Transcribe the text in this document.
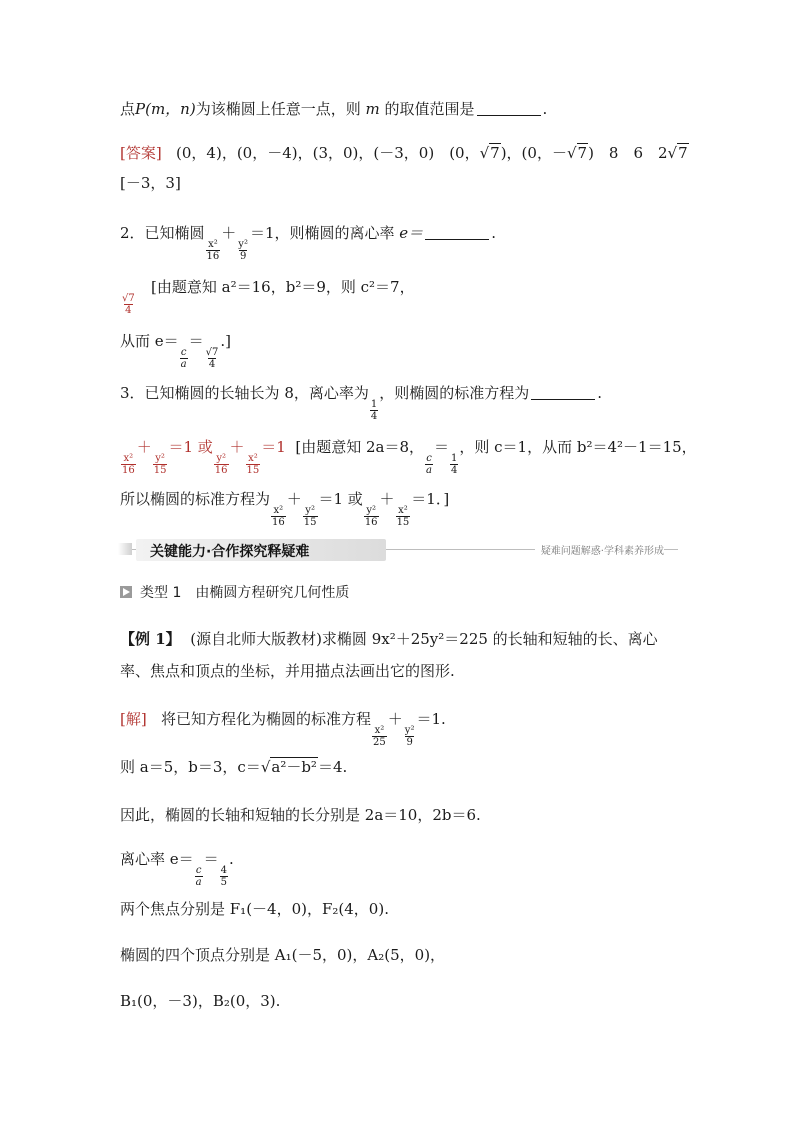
点P(m，n)为该椭圆上任意一点，则 m 的取值范围是	.
[答案] (0，4)，(0，－4)，(3，0)，(－3，0)　(0，√7)，(0，－√7)　8　6　2√7
[－3，3]
2．已知椭圆
$\frac{\text{x²}}{16}$
＋
$\frac{\text{y²}}{9}$
＝1，则椭圆的离心率 e＝	.
$\frac{√7}{4}$
[由题意知 a²＝16，b²＝9，则 c²＝7，
从而 e＝
$\frac{c}{a}$
＝
$\frac{√7}{4}$
.]
3．已知椭圆的长轴长为 8，离心率为
$\frac{1}{4}$
，则椭圆的标准方程为	.
$\frac{\text{x²}}{16}$
＋
$\frac{\text{y²}}{15}$
＝1 或
$\frac{\text{y²}}{16}$
＋
$\frac{\text{x²}}{15}$
＝1 [由题意知 2a＝8，
$\frac{c}{a}$
＝
$\frac{1}{4}$
，则 c＝1，从而 b²＝4²－1＝15，
所以椭圆的标准方程为
$\frac{\text{x²}}{16}$
＋
$\frac{\text{y²}}{15}$
＝1 或
$\frac{\text{y²}}{16}$
＋
$\frac{\text{x²}}{15}$
＝1．]
关键能力·合作探究释疑难	疑难问题解惑·学科素养形成
类型 1　由椭圆方程研究几何性质
【例 1】 (源自北师大版教材)求椭圆 9x²＋25y²＝225 的长轴和短轴的长、离心
率、焦点和顶点的坐标，并用描点法画出它的图形.
[解] 将已知方程化为椭圆的标准方程
$\frac{\text{x²}}{25}$
＋
$\frac{\text{y²}}{9}$
＝1.
则 a＝5，b＝3，c＝√a²－b²＝4.
因此，椭圆的长轴和短轴的长分别是 2a＝10，2b＝6.
离心率 e＝
$\frac{c}{a}$
＝
$\frac{4}{5}$
.
两个焦点分别是 F₁(－4，0)，F₂(4，0).
椭圆的四个顶点分别是 A₁(－5，0)，A₂(5，0)，
B₁(0，－3)，B₂(0，3).
